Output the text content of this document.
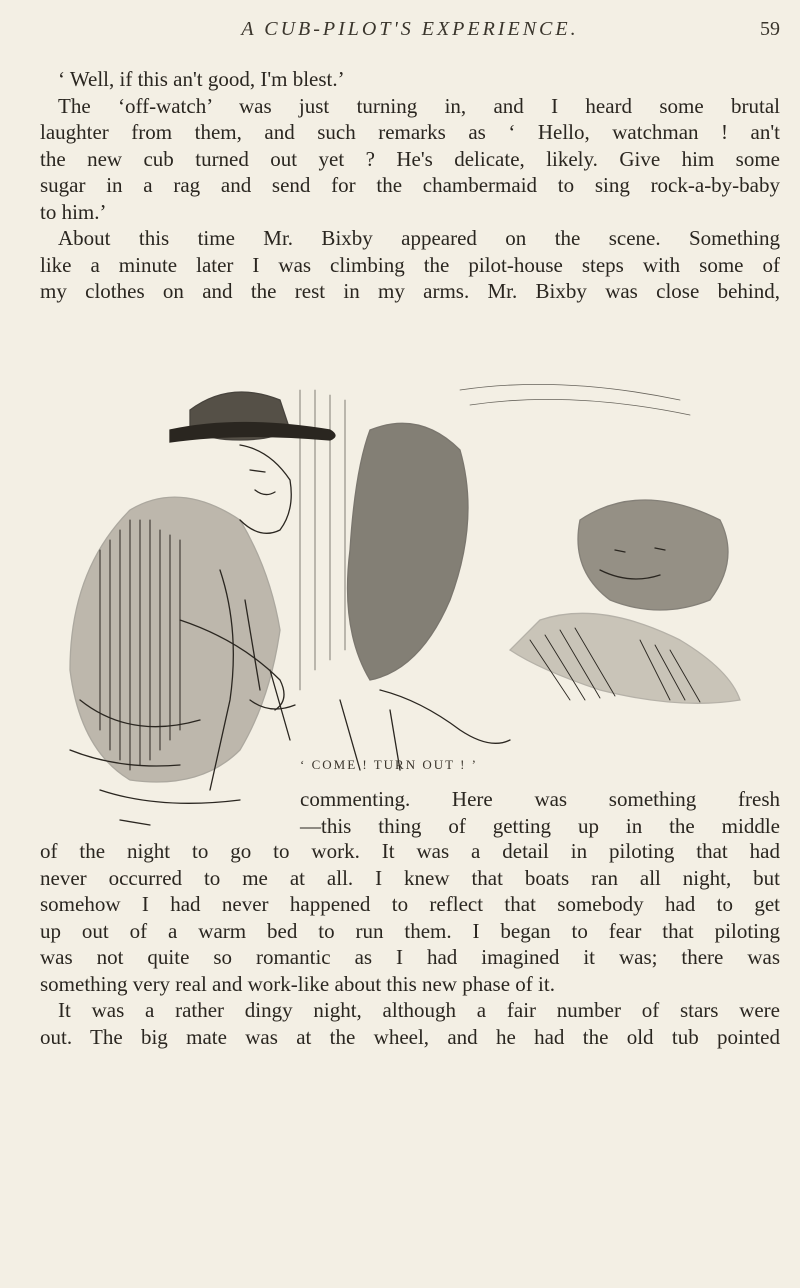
A CUB-PILOT'S EXPERIENCE.	59

‘ Well, if this an't good, I'm blest.’

The ‘off-watch’ was just turning in, and I heard some brutal
laughter from them, and such remarks as ‘ Hello, watchman ! an't
the new cub turned out yet ? He's delicate, likely. Give him some
sugar in a rag and send for the chambermaid to sing rock-a-by-baby
to him.’

About this time Mr. Bixby appeared on the scene. Something
like a minute later I was climbing the pilot-house steps with some of
my clothes on and the rest in my arms. Mr. Bixby was close behind,

‘ COME ! TURN OUT ! ’
commenting. Here was something fresh
—this thing of getting up in the middle

of the night to go to work. It was a detail in piloting that had
never occurred to me at all. I knew that boats ran all night, but
somehow I had never happened to reflect that somebody had to get
up out of a warm bed to run them. I began to fear that piloting
was not quite so romantic as I had imagined it was; there was
something very real and work-like about this new phase of it.

It was a rather dingy night, although a fair number of stars were
out. The big mate was at the wheel, and he had the old tub pointed
